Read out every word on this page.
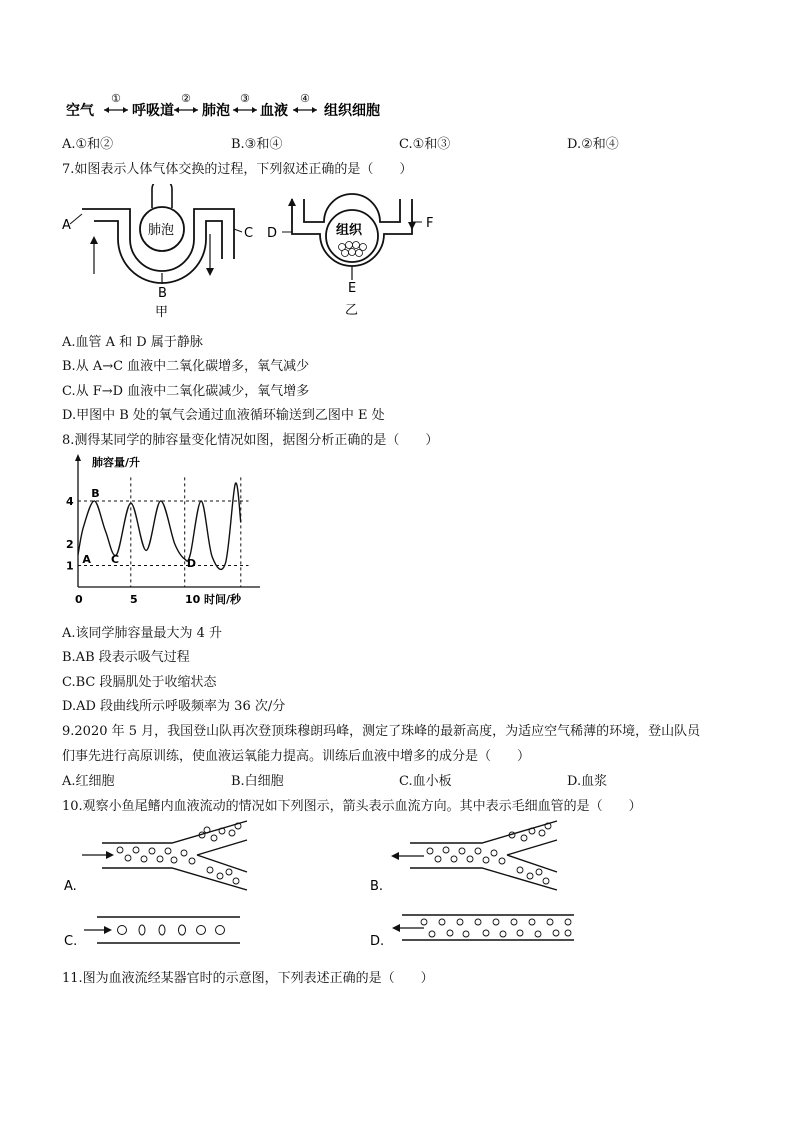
空气
①
呼吸道
②
肺泡
③
血液
④
组织细胞
A.①和②	B.③和④	C.①和③	D.②和④
7.如图表示人体气体交换的过程，下列叙述正确的是（　　）
肺泡
A
C
B
甲
组织
D
F
E
乙
A.血管 A 和 D 属于静脉
B.从 A→C 血液中二氧化碳增多，氧气减少
C.从 F→D 血液中二氧化碳减少，氧气增多
D.甲图中 B 处的氧气会通过血液循环输送到乙图中 E 处
8.测得某同学的肺容量变化情况如图，据图分析正确的是（　　）
肺容量/升
时间/秒
1
2
4
0	5	10
A
B
C	D
A.该同学肺容量最大为 4 升
B.AB 段表示吸气过程
C.BC 段膈肌处于收缩状态
D.AD 段曲线所示呼吸频率为 36 次/分
9.2020 年 5 月，我国登山队再次登顶珠穆朗玛峰，测定了珠峰的最新高度，为适应空气稀薄的环境，登山队员
们事先进行高原训练，使血液运氧能力提高。训练后血液中增多的成分是（　　）
A.红细胞	B.白细胞	C.血小板	D.血浆
10.观察小鱼尾鳍内血液流动的情况如下列图示，箭头表示血流方向。其中表示毛细血管的是（　　）
A.	B.
C.	D.
11.图为血液流经某器官时的示意图，下列表述正确的是（　　）
